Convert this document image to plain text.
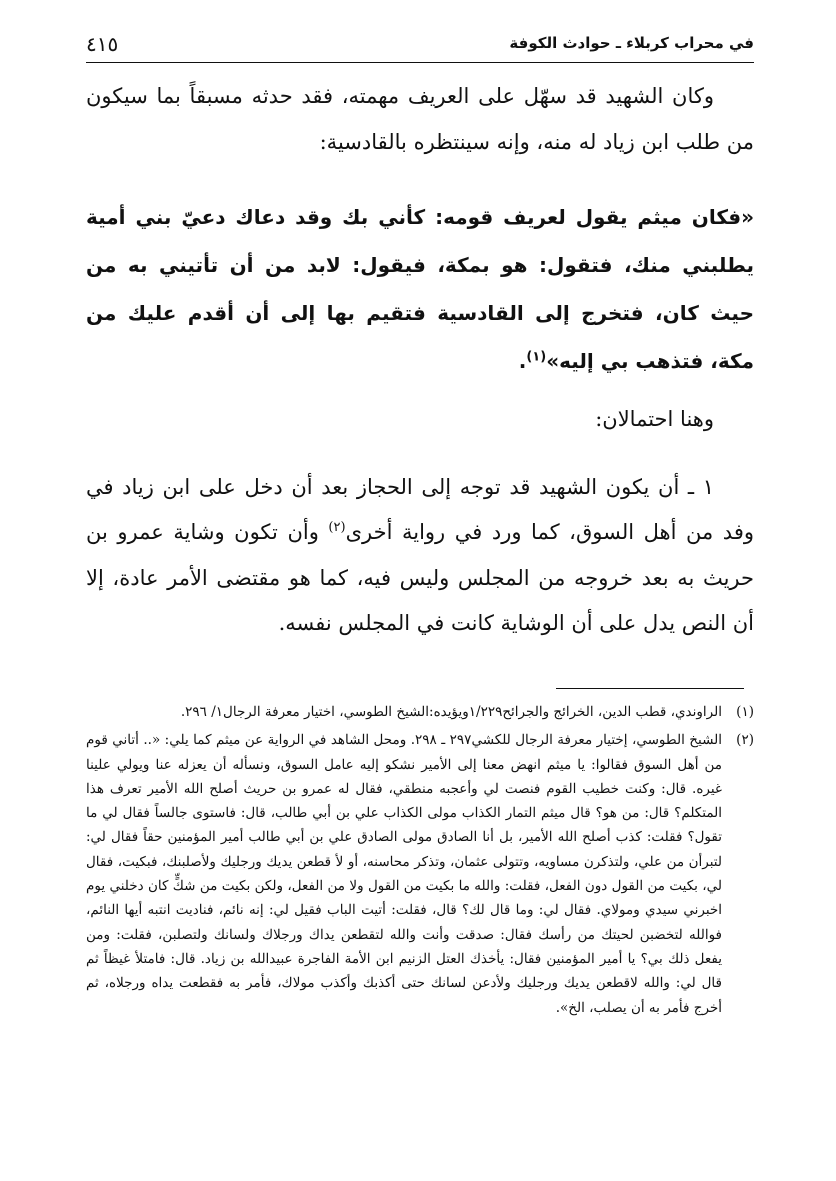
في محراب كربلاء ـ حوادث الكوفة
٤١٥

وكان الشهيد قد سهّل على العريف مهمته، فقد حدثه مسبقاً بما سيكون من طلب ابن زياد له منه، وإنه سينتظره بالقادسية:

«فكان ميثم يقول لعريف قومه: كأني بك وقد دعاك دعيّ بني أمية يطلبني منك، فتقول: هو بمكة، فيقول: لابد من أن تأتيني به من حيث كان، فتخرج إلى القادسية فتقيم بها إلى أن أقدم عليك من مكة، فتذهب بي إليه»$^{(١)}$.

وهنا احتمالان:

١ ـ أن يكون الشهيد قد توجه إلى الحجاز بعد أن دخل على ابن زياد في وفد من أهل السوق، كما ورد في رواية أخرى$^{(٢)}$ وأن تكون وشاية عمرو بن حريث به بعد خروجه من المجلس وليس فيه، كما هو مقتضى الأمر عادة، إلا أن النص يدل على أن الوشاية كانت في المجلس نفسه.

(١)
الراوندي، قطب الدين، الخرائج والجرائح١/٢٢٩ويؤيده:الشيخ الطوسي، اختيار معرفة الرجال١/ ٢٩٦.

(٢)
الشيخ الطوسي، إختيار معرفة الرجال للكشي٢٩٧ ـ ٢٩٨. ومحل الشاهد في الرواية عن ميثم كما يلي: «.. أتاني قوم من أهل السوق فقالوا: يا ميثم انهض معنا إلى الأمير نشكو إليه عامل السوق، ونسأله أن يعزله عنا ويولي علينا غيره. قال: وكنت خطيب القوم فنصت لي وأعجبه منطقي، فقال له عمرو بن حريث أصلح الله الأمير تعرف هذا المتكلم؟ قال: من هو؟ قال ميثم التمار الكذاب مولى الكذاب علي بن أبي طالب، قال: فاستوى جالساً فقال لي ما تقول؟ فقلت: كذب أصلح الله الأمير، بل أنا الصادق مولى الصادق علي بن أبي طالب أمير المؤمنين حقاً فقال لي: لتبرأن من علي، ولتذكرن مساويه، وتتولى عثمان، وتذكر محاسنه، أو لأ قطعن يديك ورجليك ولأصلبنك، فبكيت، فقال لي، بكيت من القول دون الفعل، فقلت: والله ما بكيت من القول ولا من الفعل، ولكن بكيت من شكٍّ كان دخلني يوم اخبرني سيدي ومولاي. فقال لي: وما قال لك؟ قال، فقلت: أتيت الباب فقيل لي: إنه نائم، فناديت انتبه أيها النائم، فوالله لتخضبن لحيتك من رأسك فقال: صدقت وأنت والله لتقطعن يداك ورجلاك ولسانك ولتصلبن، فقلت: ومن يفعل ذلك بي؟ يا أمير المؤمنين فقال: يأخذك العتل الزنيم ابن الأمة الفاجرة عبيدالله بن زياد. قال: فامتلأ غيظاً ثم قال لي: والله لاقطعن يديك ورجليك ولأدعن لسانك حتى أكذبك وأكذب مولاك، فأمر به فقطعت يداه ورجلاه، ثم أخرج فأمر به أن يصلب، الخ».
